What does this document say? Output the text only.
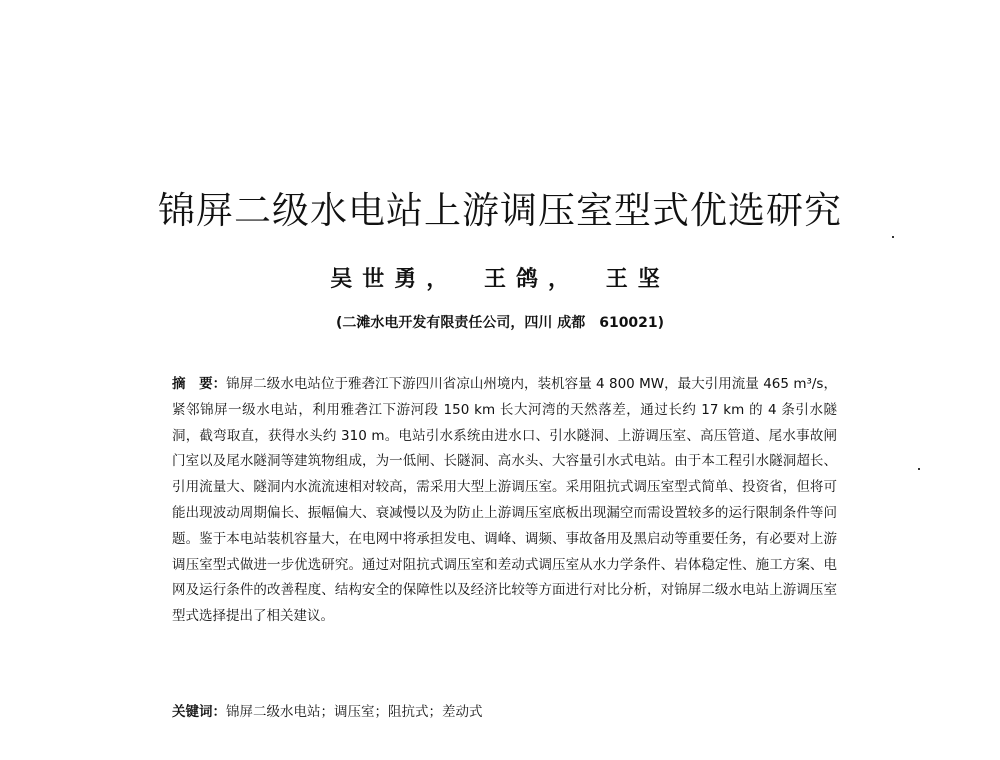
锦屏二级水电站上游调压室型式优选研究
吴世勇， 王鸽， 王坚
(二滩水电开发有限责任公司，四川 成都　610021)

摘　要：锦屏二级水电站位于雅砻江下游四川省凉山州境内，装机容量 4 800 MW，最大引用流量 465 m³/s，紧邻锦屏一级水电站，利用雅砻江下游河段 150 km 长大河湾的天然落差，通过长约 17 km 的 4 条引水隧洞，截弯取直，获得水头约 310 m。电站引水系统由进水口、引水隧洞、上游调压室、高压管道、尾水事故闸门室以及尾水隧洞等建筑物组成，为一低闸、长隧洞、高水头、大容量引水式电站。由于本工程引水隧洞超长、引用流量大、隧洞内水流流速相对较高，需采用大型上游调压室。采用阻抗式调压室型式简单、投资省，但将可能出现波动周期偏长、振幅偏大、衰减慢以及为防止上游调压室底板出现漏空而需设置较多的运行限制条件等问题。鉴于本电站装机容量大，在电网中将承担发电、调峰、调频、事故备用及黑启动等重要任务，有必要对上游调压室型式做进一步优选研究。通过对阻抗式调压室和差动式调压室从水力学条件、岩体稳定性、施工方案、电网及运行条件的改善程度、结构安全的保障性以及经济比较等方面进行对比分析，对锦屏二级水电站上游调压室型式选择提出了相关建议。

关键词：锦屏二级水电站；调压室；阻抗式；差动式
